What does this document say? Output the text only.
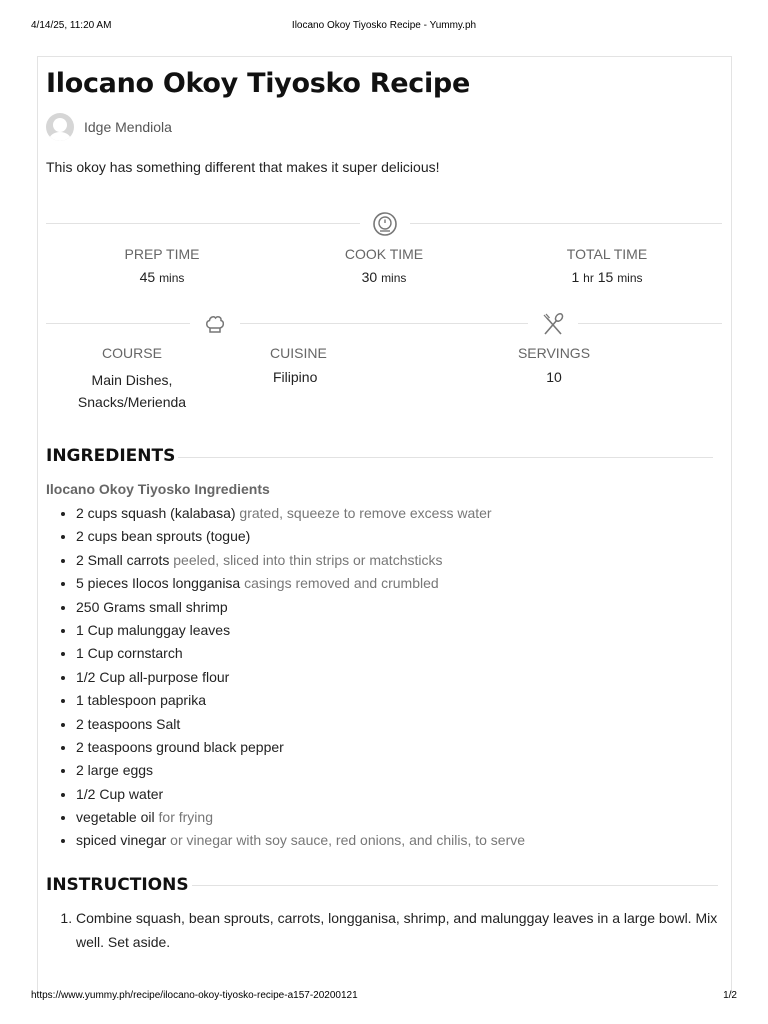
4/14/25, 11:20 AM	Ilocano Okoy Tiyosko Recipe - Yummy.ph
Ilocano Okoy Tiyosko Recipe
Idge Mendiola
This okoy has something different that makes it super delicious!
PREP TIME
45 mins
COOK TIME
30 mins
TOTAL TIME
1 hr 15 mins
COURSE
Main Dishes,
Snacks/Merienda
CUISINE
Filipino
SERVINGS
10
INGREDIENTS
Ilocano Okoy Tiyosko Ingredients
• 2 cups squash (kalabasa) grated, squeeze to remove excess water
• 2 cups bean sprouts (togue)
• 2 Small carrots peeled, sliced into thin strips or matchsticks
• 5 pieces Ilocos longganisa casings removed and crumbled
• 250 Grams small shrimp
• 1 Cup malunggay leaves
• 1 Cup cornstarch
• 1/2 Cup all-purpose flour
• 1 tablespoon paprika
• 2 teaspoons Salt
• 2 teaspoons ground black pepper
• 2 large eggs
• 1/2 Cup water
• vegetable oil for frying
• spiced vinegar or vinegar with soy sauce, red onions, and chilis, to serve
INSTRUCTIONS
1. Combine squash, bean sprouts, carrots, longganisa, shrimp, and malunggay leaves in a large bowl. Mix well. Set aside.
https://www.yummy.ph/recipe/ilocano-okoy-tiyosko-recipe-a157-20200121	1/2
